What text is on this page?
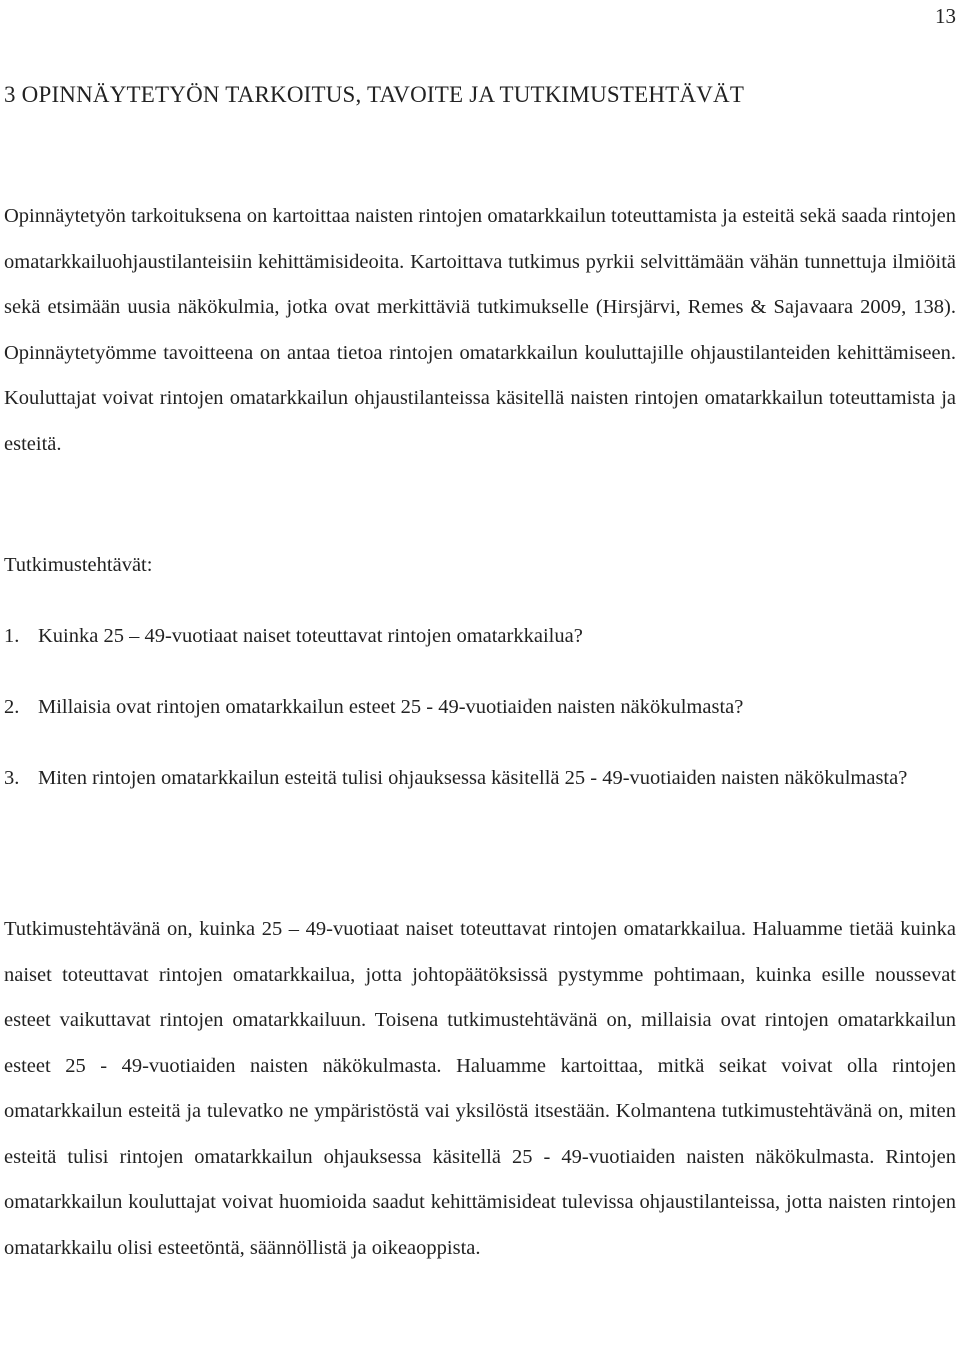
13
3 OPINNÄYTETYÖN TARKOITUS, TAVOITE JA TUTKIMUSTEHTÄVÄT

Opinnäytetyön tarkoituksena on kartoittaa naisten rintojen omatarkkailun toteuttamista ja esteitä sekä saada rintojen omatarkkailuohjaustilanteisiin kehittämisideoita. Kartoittava tutkimus pyrkii selvittämään vähän tunnettuja ilmiöitä sekä etsimään uusia näkökulmia, jotka ovat merkittäviä tutkimukselle (Hirsjärvi, Remes & Sajavaara 2009, 138). Opinnäytetyömme tavoitteena on antaa tietoa rintojen omatarkkailun kouluttajille ohjaustilanteiden kehittämiseen. Kouluttajat voivat rintojen omatarkkailun ohjaustilanteissa käsitellä naisten rintojen omatarkkailun toteuttamista ja esteitä.

Tutkimustehtävät:
1. Kuinka 25 – 49-vuotiaat naiset toteuttavat rintojen omatarkkailua?
2. Millaisia ovat rintojen omatarkkailun esteet 25 - 49-vuotiaiden naisten näkökulmasta?
3. Miten rintojen omatarkkailun esteitä tulisi ohjauksessa käsitellä 25 - 49-vuotiaiden naisten näkökulmasta?

Tutkimustehtävänä on, kuinka 25 – 49-vuotiaat naiset toteuttavat rintojen omatarkkailua. Haluamme tietää kuinka naiset toteuttavat rintojen omatarkkailua, jotta johtopäätöksissä pystymme pohtimaan, kuinka esille noussevat esteet vaikuttavat rintojen omatarkkailuun. Toisena tutkimustehtävänä on, millaisia ovat rintojen omatarkkailun esteet 25 - 49-vuotiaiden naisten näkökulmasta. Haluamme kartoittaa, mitkä seikat voivat olla rintojen omatarkkailun esteitä ja tulevatko ne ympäristöstä vai yksilöstä itsestään. Kolmantena tutkimustehtävänä on, miten esteitä tulisi rintojen omatarkkailun ohjauksessa käsitellä 25 - 49-vuotiaiden naisten näkökulmasta. Rintojen omatarkkailun kouluttajat voivat huomioida saadut kehittämisideat tulevissa ohjaustilanteissa, jotta naisten rintojen omatarkkailu olisi esteetöntä, säännöllistä ja oikeaoppista.
